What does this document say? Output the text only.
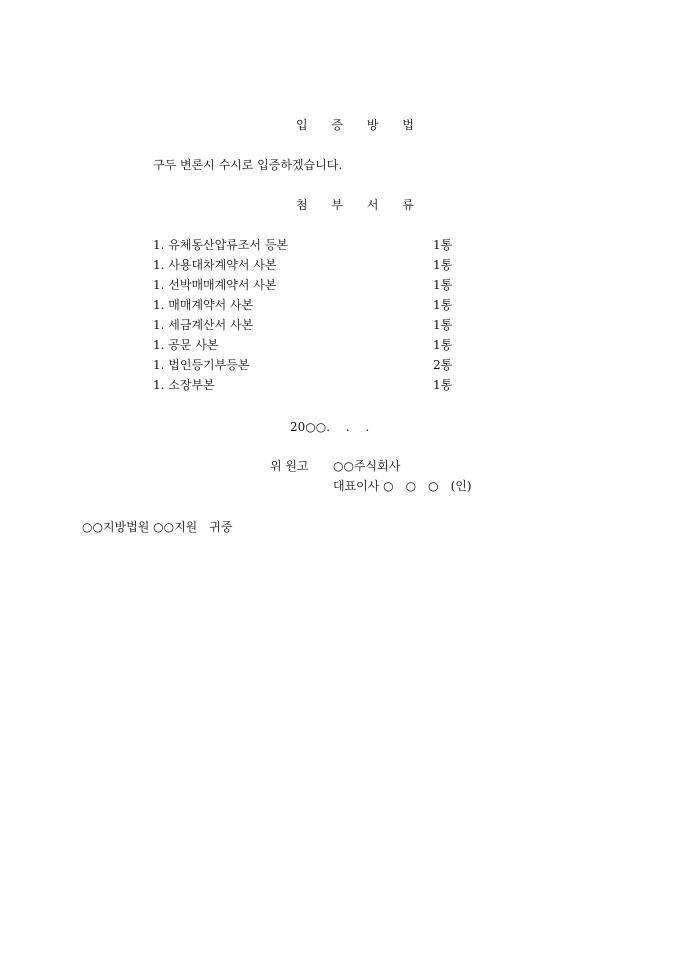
입 증 방 법
구두 변론시 수시로 입증하겠습니다.
첨 부 서 류
1. 유체동산압류조서 등본	1통
1. 사용대차계약서 사본	1통
1. 선박매매계약서 사본	1통
1. 매매계약서 사본	1통
1. 세금계산서 사본	1통
1. 공문 사본	1통
1. 법인등기부등본	2통
1. 소장부본	1통
20○○.　 .　 .
위 원고 ○○주식회사
대표이사 ○　○　○　(인)
○○지방법원 ○○지원　귀중
